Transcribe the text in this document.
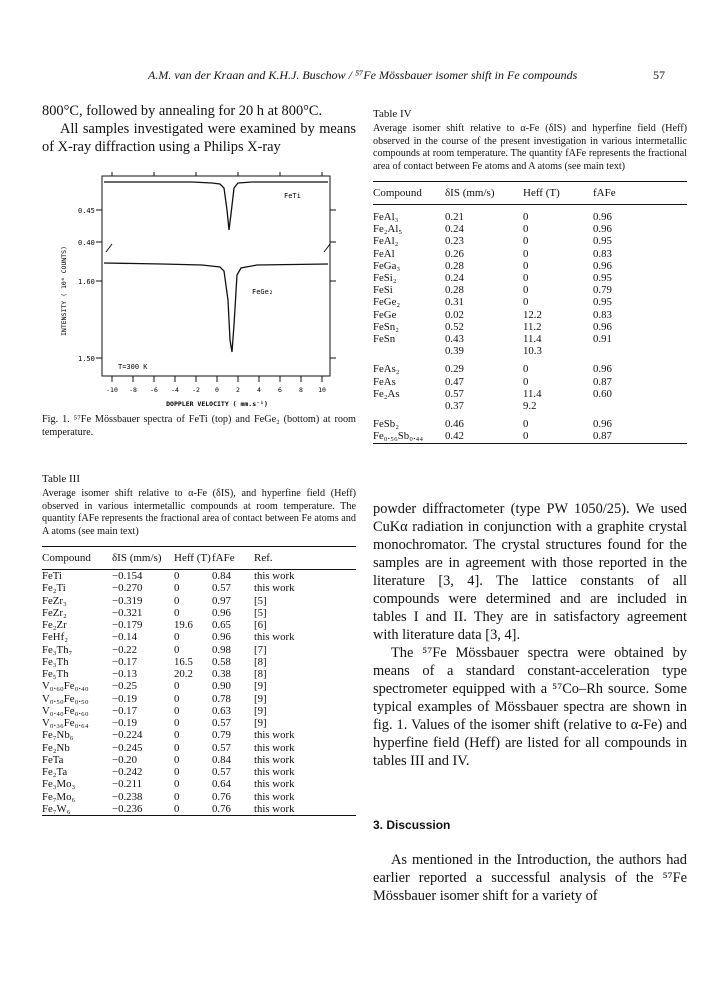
A.M. van der Kraan and K.H.J. Buschow / ⁵⁷Fe Mössbauer isomer shift in Fe compounds	57

800°C, followed by annealing for 20 h at 800°C.

All samples investigated were examined by means of X-ray diffraction using a Philips X-ray

0.45
0.40
1.60
1.50
INTENSITY ( 10⁶ COUNTS)
-10 -8 -6 -4 -2 0	2	4	6	8 10
DOPPLER VELOCITY ( mm.s⁻¹)
FeTi
FeGe₂
T=300 K
Fig. 1. ⁵⁷Fe Mössbauer spectra of FeTi (top) and FeGe₂ (bottom) at room temperature.
Table III
Average isomer shift relative to α-Fe (δIS), and hyperfine field (Heff) observed in various intermetallic compounds at room temperature. The quantity fAFe represents the fractional area of contact between Fe atoms and A atoms (see main text)
Compound	δIS (mm/s)	Heff (T)	fAFe	Ref.
FeTi	−0.154	0	0.84	this work
Fe₂Ti	−0.270	0	0.57	this work
FeZr₃	−0.319	0	0.97	[5]
FeZr₂	−0.321	0	0.96	[5]
Fe₂Zr	−0.179	19.6	0.65	[6]
FeHf₂	−0.14	0	0.96	this work
Fe₃Th₇	−0.22	0	0.98	[7]
Fe₃Th	−0.17	16.5	0.58	[8]
Fe₅Th	−0.13	20.2	0.38	[8]
V₀.₆₀Fe₀.₄₀	−0.25	0	0.90	[9]
V₀.₅₀Fe₀.₅₀	−0.19	0	0.78	[9]
V₀.₄₀Fe₀.₆₀	−0.17	0	0.63	[9]
V₀.₃₆Fe₀.₆₄	−0.19	0	0.57	[9]
Fe₇Nb₆	−0.224	0	0.79	this work
Fe₂Nb	−0.245	0	0.57	this work
FeTa	−0.20	0	0.84	this work
Fe₂Ta	−0.242	0	0.57	this work
Fe₃Mo₃	−0.211	0	0.64	this work
Fe₇Mo₆	−0.238	0	0.76	this work
Fe₇W₆	−0.236	0	0.76	this work
Table IV
Average isomer shift relative to α-Fe (δIS) and hyperfine field (Heff) observed in the course of the present investigation in various intermetallic compounds at room temperature. The quantity fAFe represents the fractional area of contact between Fe atoms and A atoms (see main text)
Compound	δIS (mm/s)	Heff (T)	fAFe
FeAl₃	0.21	0	0.96
Fe₂Al₅	0.24	0	0.96
FeAl₂	0.23	0	0.95
FeAl	0.26	0	0.83
FeGa₃	0.28	0	0.96
FeSi₂	0.24	0	0.95
FeSi	0.28	0	0.79
FeGe₂	0.31	0	0.95
FeGe	0.02	12.2	0.83
FeSn₂	0.52	11.2	0.96
FeSn	0.43	11.4	0.91
	0.39	10.3	
FeAs₂	0.29	0	0.96
FeAs	0.47	0	0.87
Fe₂As	0.57	11.4	0.60
	0.37	9.2	
FeSb₂	0.46	0	0.96
Fe₀.₅₆Sb₀.₄₄	0.42	0	0.87

powder diffractometer (type PW 1050/25). We used CuKα radiation in conjunction with a graphite crystal monochromator. The crystal structures found for the samples are in agreement with those reported in the literature [3, 4]. The lattice constants of all compounds were determined and are included in tables I and II. They are in satisfactory agreement with literature data [3, 4].

The ⁵⁷Fe Mössbauer spectra were obtained by means of a standard constant-acceleration type spectrometer equipped with a ⁵⁷Co–Rh source. Some typical examples of Mössbauer spectra are shown in fig. 1. Values of the isomer shift (relative to α-Fe) and hyperfine field (Heff) are listed for all compounds in tables III and IV.

3. Discussion

As mentioned in the Introduction, the authors had earlier reported a successful analysis of the ⁵⁷Fe Mössbauer isomer shift for a variety of
